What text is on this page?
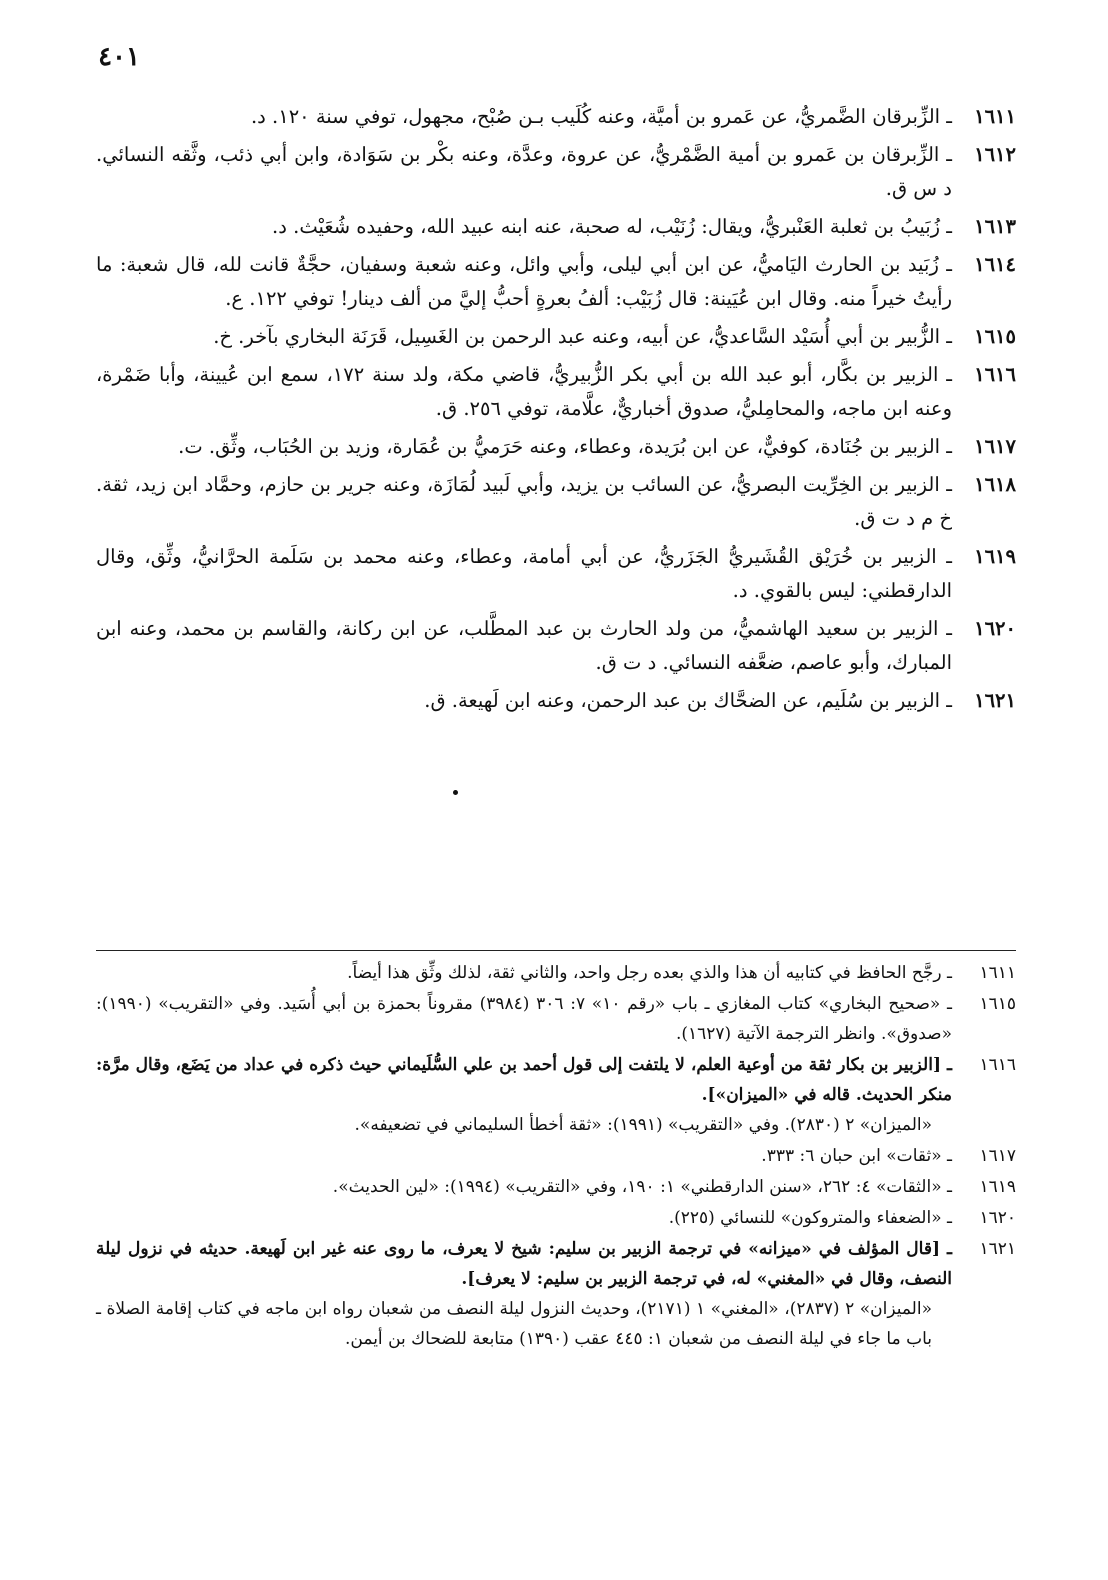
٤٠١
١٦١١
ـ الزِّبرقان الضَّمريُّ، عن عَمرو بن أميَّة، وعنه كُلَيب بـن صُبْح، مجهول، توفي سنة ١٢٠. د.
١٦١٢
ـ الزِّبرقان بن عَمرو بن أمية الضَّمْريُّ، عن عروة، وعدَّة، وعنه بكْر بن سَوَادة، وابن أبي ذئب، وثَّقه النسائي. د س ق.
١٦١٣
ـ زُبَيبُ بن ثعلبة العَنْبريُّ، ويقال: زُنَيْب، له صحبة، عنه ابنه عبيد الله، وحفيده شُعَيْث. د.
١٦١٤
ـ زُبَيد بن الحارث اليَاميُّ، عن ابن أبي ليلى، وأبي وائل، وعنه شعبة وسفيان، حجَّةٌ قانت لله، قال شعبة: ما رأيتُ خيراً منه. وقال ابن عُيَينة: قال زُبَيْب: ألفُ بعرةٍ أحبُّ إليَّ من ألف دينار! توفي ١٢٢. ع.
١٦١٥
ـ الزُّبير بن أبي أُسَيْد السَّاعديُّ، عن أبيه، وعنه عبد الرحمن بن الغَسِيل، قَرَنَة البخاري بآخر. خ.
١٦١٦
ـ الزبير بن بكَّار، أبو عبد الله بن أبي بكر الزُّبيريُّ، قاضي مكة، ولد سنة ١٧٢، سمع ابن عُيينة، وأبا ضَمْرة، وعنه ابن ماجه، والمحامِليُّ، صدوق أخباريٌّ، علَّامة، توفي ٢٥٦. ق.
١٦١٧
ـ الزبير بن جُنَادة، كوفيٌّ، عن ابن بُرَيدة، وعطاء، وعنه حَرَميُّ بن عُمَارة، وزيد بن الحُبَاب، وثِّق. ت.
١٦١٨
ـ الزبير بن الخِرِّيت البصريُّ، عن السائب بن يزيد، وأبي لَبيد لُمَازَة، وعنه جرير بن حازم، وحمَّاد ابن زيد، ثقة. خ م د ت ق.
١٦١٩
ـ الزبير بن خُرَيْق القُشَيريُّ الجَزَريُّ، عن أبي أمامة، وعطاء، وعنه محمد بن سَلَمة الحرَّانيُّ، وثِّق، وقال الدارقطني: ليس بالقوي. د.
١٦٢٠
ـ الزبير بن سعيد الهاشميُّ، من ولد الحارث بن عبد المطَّلب، عن ابن ركانة، والقاسم بن محمد، وعنه ابن المبارك، وأبو عاصم، ضعَّفه النسائي. د ت ق.
١٦٢١
ـ الزبير بن سُلَيم، عن الضحَّاك بن عبد الرحمن، وعنه ابن لَهيعة. ق.
١٦١١
ـ رجَّح الحافظ في كتابيه أن هذا والذي بعده رجل واحد، والثاني ثقة، لذلك وثِّق هذا أيضاً.
١٦١٥
ـ «صحيح البخاري» كتاب المغازي ـ باب «رقم ١٠» ٧: ٣٠٦ (٣٩٨٤) مقروناً بحمزة بن أبي أُسَيد. وفي «التقريب» (١٩٩٠): «صدوق». وانظر الترجمة الآتية (١٦٢٧).
١٦١٦
ـ [الزبير بن بكار ثقة من أوعية العلم، لا يلتفت إلى قول أحمد بن علي السُّلَيماني حيث ذكره في عداد من يَضَع، وقال مرَّة: منكر الحديث. قاله في «الميزان»].
«الميزان» ٢ (٢٨٣٠). وفي «التقريب» (١٩٩١): «ثقة أخطأ السليماني في تضعيفه».
١٦١٧
ـ «ثقات» ابن حبان ٦: ٣٣٣.
١٦١٩
ـ «الثقات» ٤: ٢٦٢، «سنن الدارقطني» ١: ١٩٠، وفي «التقريب» (١٩٩٤): «لين الحديث».
١٦٢٠
ـ «الضعفاء والمتروكون» للنسائي (٢٢٥).
١٦٢١
ـ [قال المؤلف في «ميزانه» في ترجمة الزبير بن سليم: شيخ لا يعرف، ما روى عنه غير ابن لَهيعة. حديثه في نزول ليلة النصف، وقال في «المغني» له، في ترجمة الزبير بن سليم: لا يعرف].
«الميزان» ٢ (٢٨٣٧)، «المغني» ١ (٢١٧١)، وحديث النزول ليلة النصف من شعبان رواه ابن ماجه في كتاب إقامة الصلاة ـ باب ما جاء في ليلة النصف من شعبان ١: ٤٤٥ عقب (١٣٩٠) متابعة للضحاك بن أيمن.
